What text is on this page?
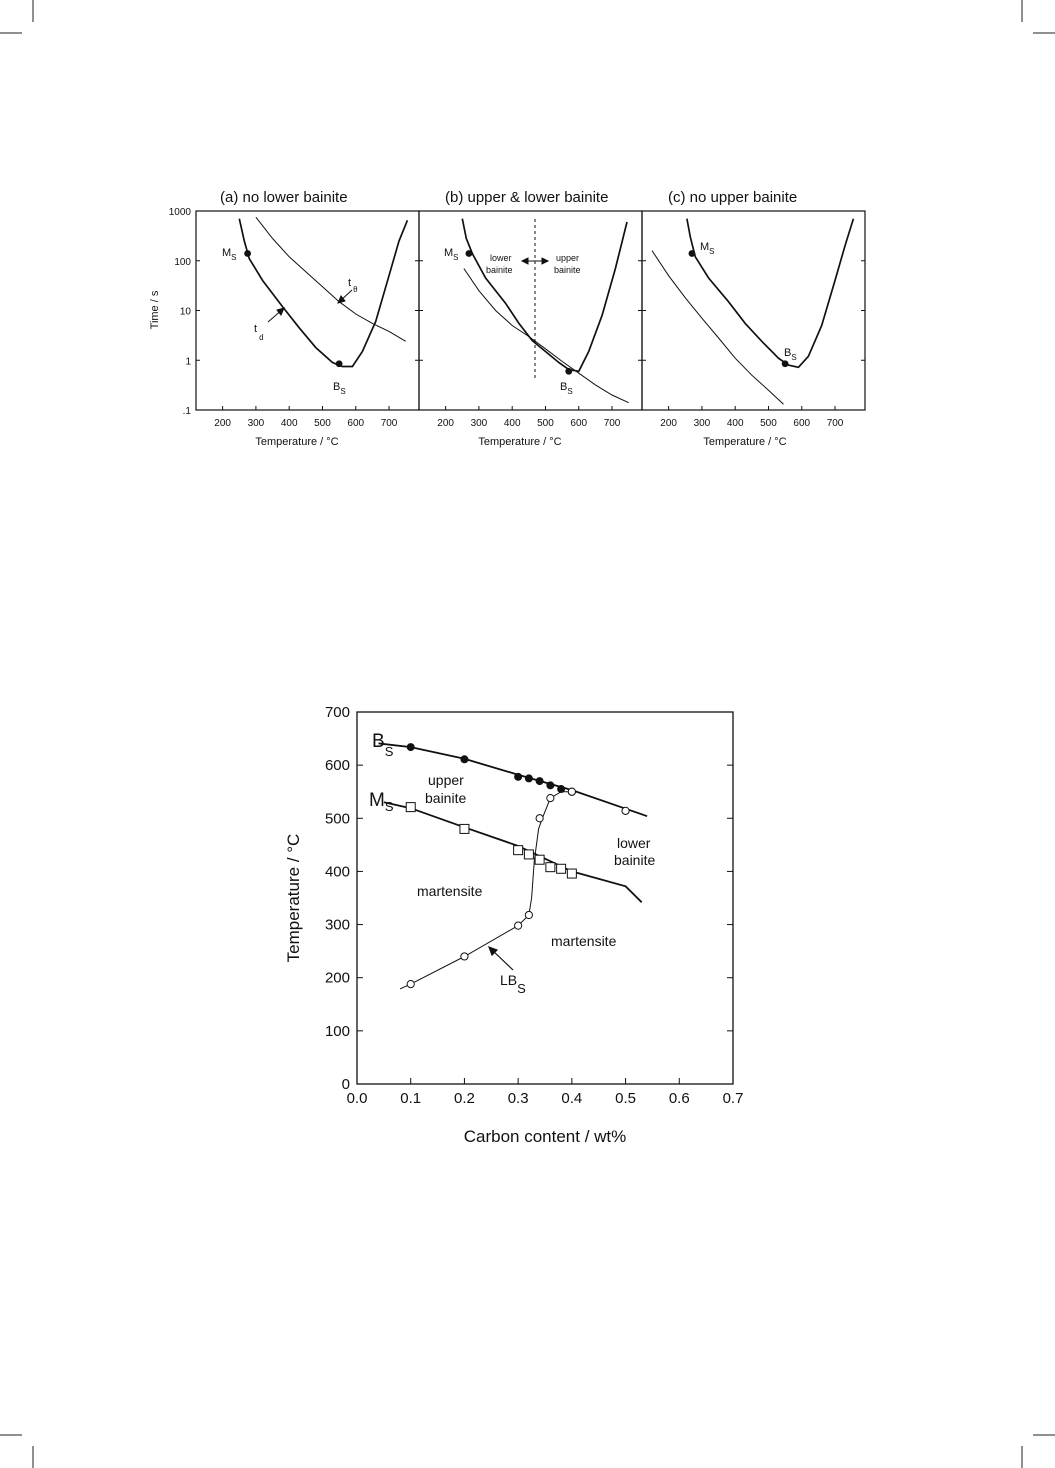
(a) no lower bainite
200 300 400 500 600 700
1000
100
10
1
.1
Temperature / °C
Time / s
$M_S$
$B_S$
$t_d$
$t_\theta$
(b) upper & lower bainite
200 300 400 500 600 700
Temperature / °C
$M_S$
$B_S$
lower
bainite
upper
bainite
(c) no upper bainite
200 300 400 500 600 700
Temperature / °C
$M_S$
$B_S$
0.0 0.1 0.2 0.3 0.4 0.5 0.6 0.7
0
100
200
300
400
500
600
700
Carbon content / wt%
Temperature / °C
$B_S$
$M_S$
LBS
upper
bainite
lower
bainite
martensite
martensite
